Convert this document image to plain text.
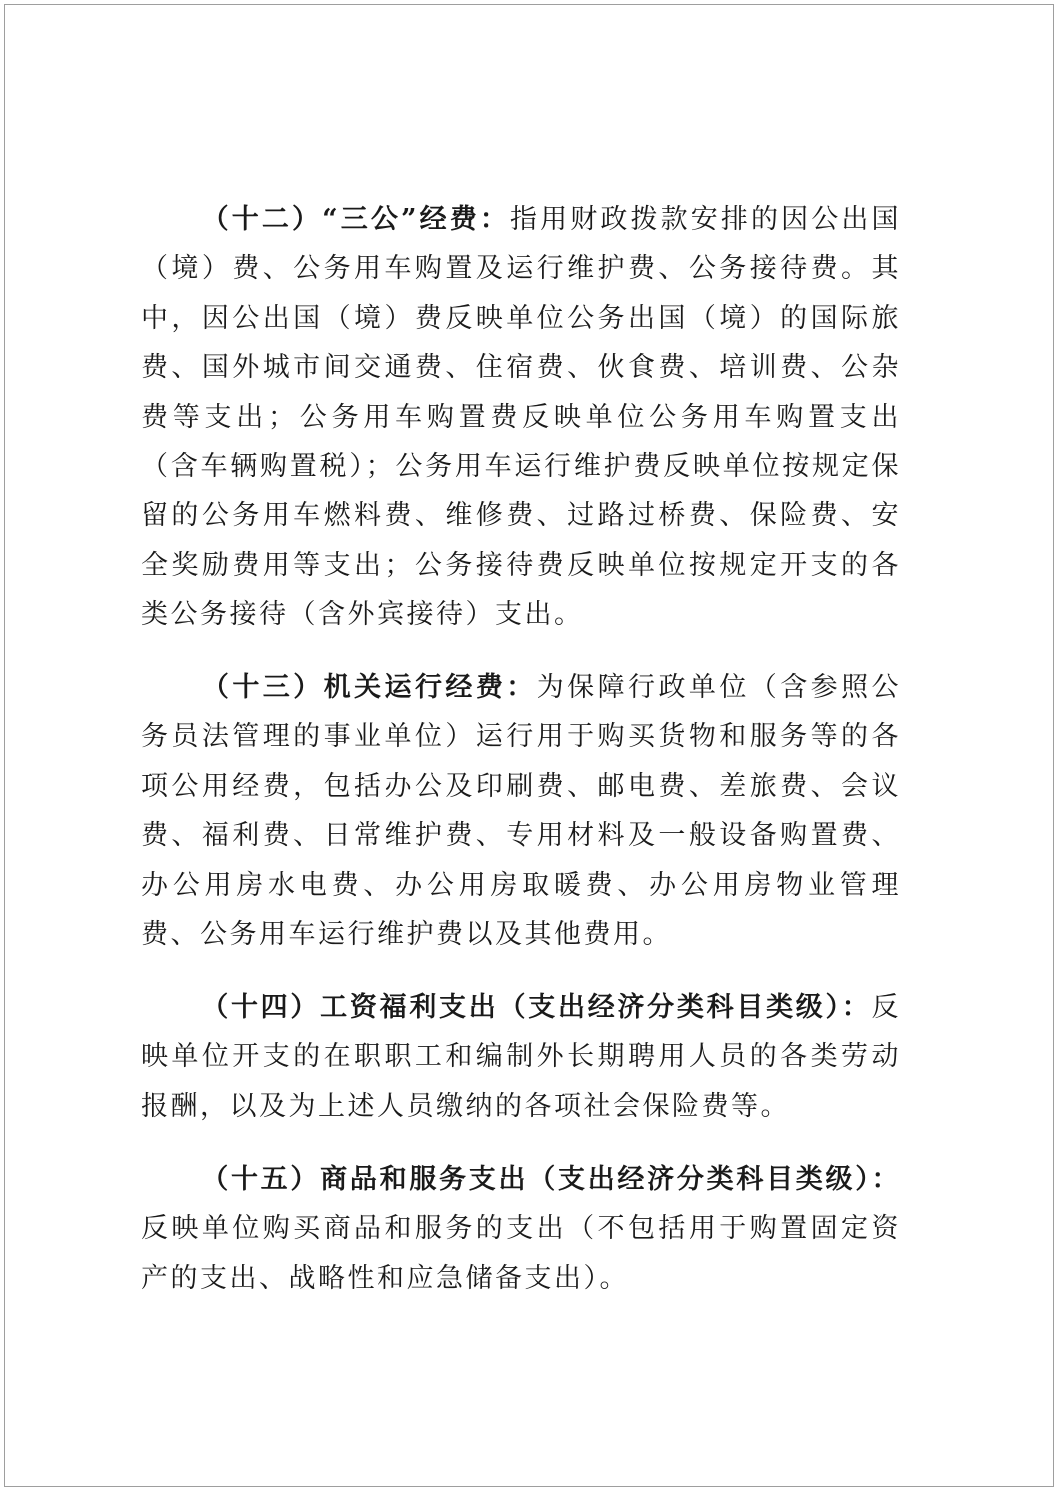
（十二）“三公”经费：指用财政拨款安排的因公出国（境）费、公务用车购置及运行维护费、公务接待费。其中，因公出国（境）费反映单位公务出国（境）的国际旅费、国外城市间交通费、住宿费、伙食费、培训费、公杂费等支出；公务用车购置费反映单位公务用车购置支出（含车辆购置税）；公务用车运行维护费反映单位按规定保留的公务用车燃料费、维修费、过路过桥费、保险费、安全奖励费用等支出；公务接待费反映单位按规定开支的各类公务接待（含外宾接待）支出。

（十三）机关运行经费：为保障行政单位（含参照公务员法管理的事业单位）运行用于购买货物和服务等的各项公用经费，包括办公及印刷费、邮电费、差旅费、会议费、福利费、日常维护费、专用材料及一般设备购置费、办公用房水电费、办公用房取暖费、办公用房物业管理费、公务用车运行维护费以及其他费用。

（十四）工资福利支出（支出经济分类科目类级）：反映单位开支的在职职工和编制外长期聘用人员的各类劳动报酬，以及为上述人员缴纳的各项社会保险费等。

（十五）商品和服务支出（支出经济分类科目类级）：反映单位购买商品和服务的支出（不包括用于购置固定资产的支出、战略性和应急储备支出）。
